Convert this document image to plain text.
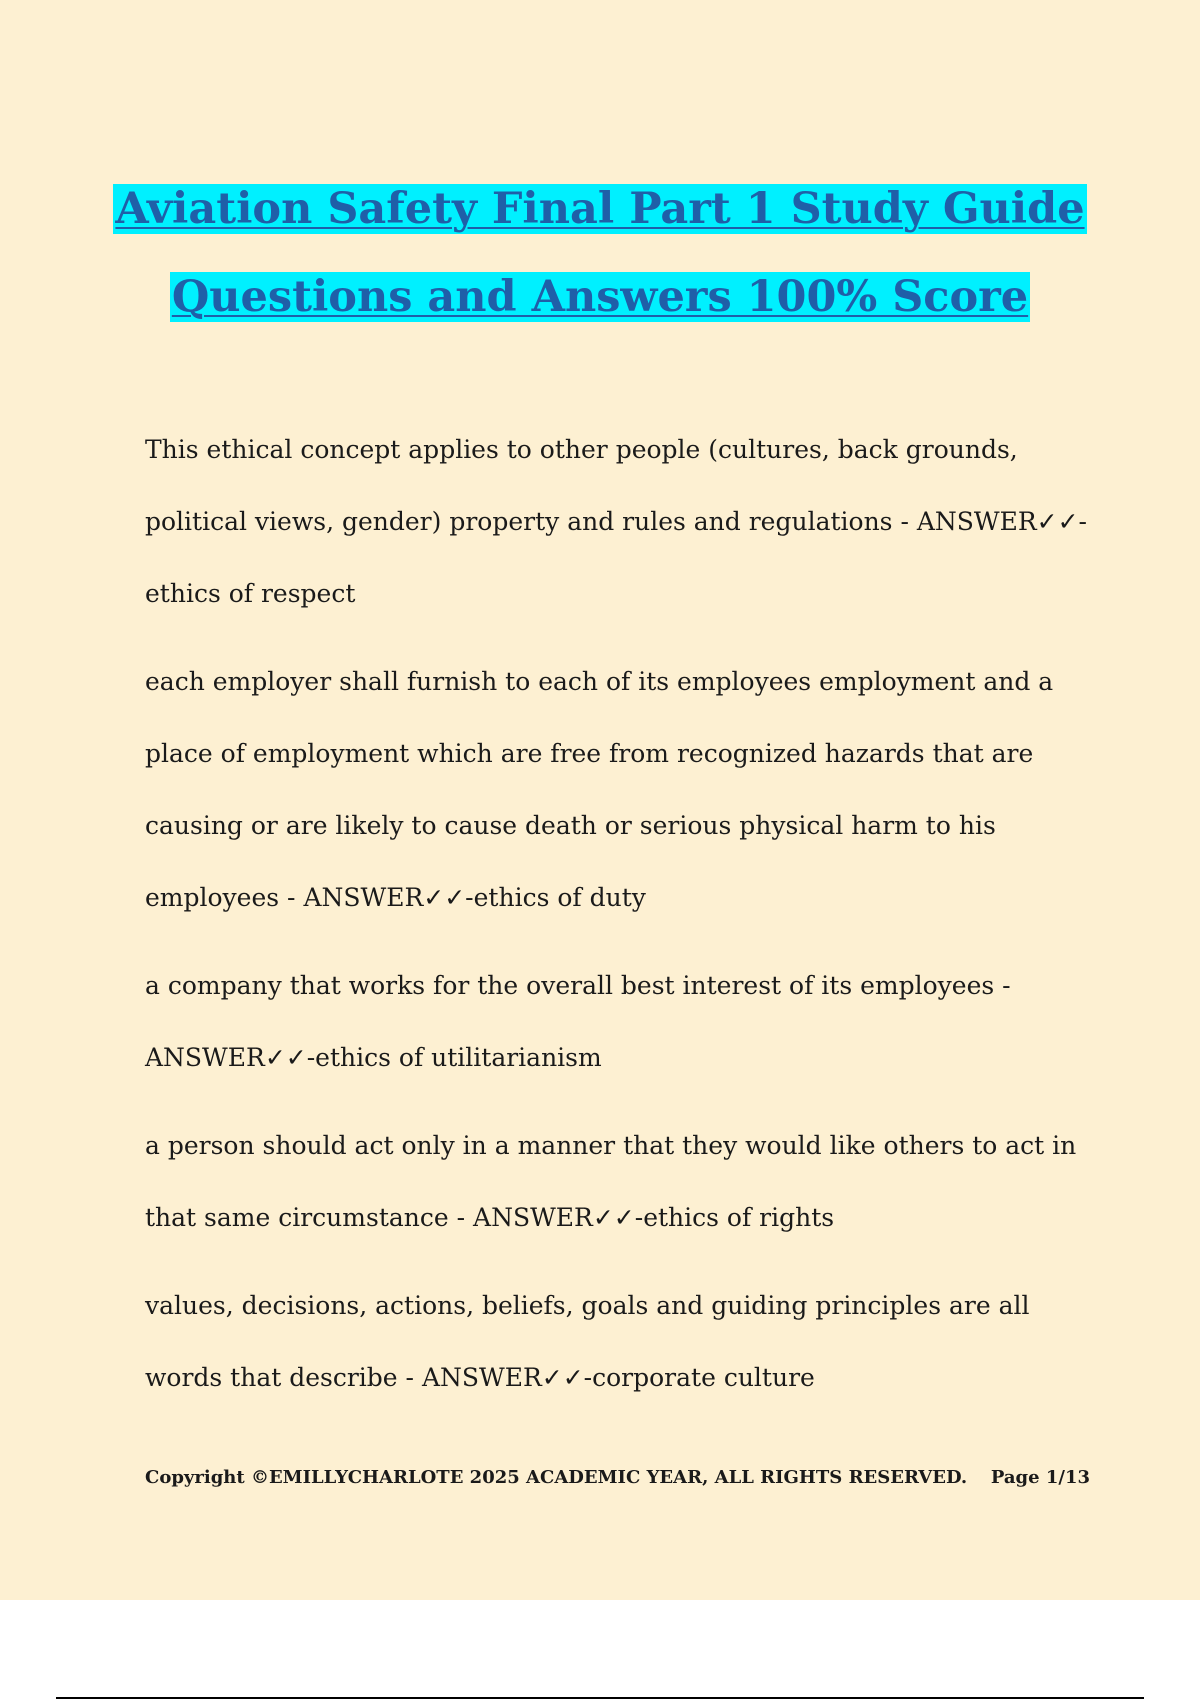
Aviation Safety Final Part 1 Study Guide
Questions and Answers 100% Score

This ethical concept applies to other people (cultures, back grounds, political views, gender) property and rules and regulations - ANSWER✓✓-ethics of respect

each employer shall furnish to each of its employees employment and a place of employment which are free from recognized hazards that are causing or are likely to cause death or serious physical harm to his employees - ANSWER✓✓-ethics of duty

a company that works for the overall best interest of its employees - ANSWER✓✓-ethics of utilitarianism

a person should act only in a manner that they would like others to act in that same circumstance - ANSWER✓✓-ethics of rights

values, decisions, actions, beliefs, goals and guiding principles are all words that describe - ANSWER✓✓-corporate culture

Copyright ©EMILLYCHARLOTE 2025 ACADEMIC YEAR, ALL RIGHTS RESERVED. Page 1/13
